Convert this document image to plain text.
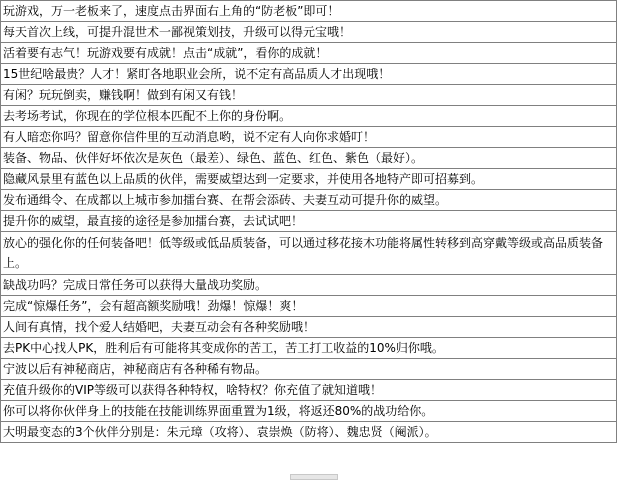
玩游戏，万一老板来了，速度点击界面右上角的“防老板”即可！
每天首次上线，可提升混世术一鄙视策划技，升级可以得元宝哦！
活着要有志气！玩游戏要有成就！点击“成就”，看你的成就！
15世纪啥最贵？人才！紧盯各地职业会所，说不定有高品质人才出现哦！
有闲？玩玩倒卖，赚钱啊！做到有闲又有钱！
去考场考试，你现在的学位根本匹配不上你的身份啊。
有人暗恋你吗？留意你信件里的互动消息哟，说不定有人向你求婚叮！
装备、物品、伙伴好坏依次是灰色（最差）、绿色、蓝色、红色、紫色（最好）。
隐藏风景里有蓝色以上品质的伙伴，需要威望达到一定要求，并使用各地特产即可招募到。
发布通缉令、在成都以上城市参加擂台赛、在帮会添砖、夫妻互动可提升你的威望。
提升你的威望，最直接的途径是参加擂台赛，去试试吧！
放心的强化你的任何装备吧！低等级或低品质装备，可以通过移花接木功能将属性转移到高穿戴等级或高品质装备上。
缺战功吗？完成日常任务可以获得大量战功奖励。
完成“惊爆任务”，会有超高额奖励哦！劲爆！惊爆！爽！
人间有真情，找个爱人结婚吧，夫妻互动会有各种奖励哦！
去PK中心找人PK，胜利后有可能将其变成你的苦工，苦工打工收益的10%归你哦。
宁波以后有神秘商店，神秘商店有各种稀有物品。
充值升级你的VIP等级可以获得各种特权，啥特权？你充值了就知道哦！
你可以将你伙伴身上的技能在技能训练界面重置为1级，将返还80%的战功给你。
大明最变态的3个伙伴分别是：朱元璋（攻将）、袁崇焕（防将）、魏忠贤（阉派）。
